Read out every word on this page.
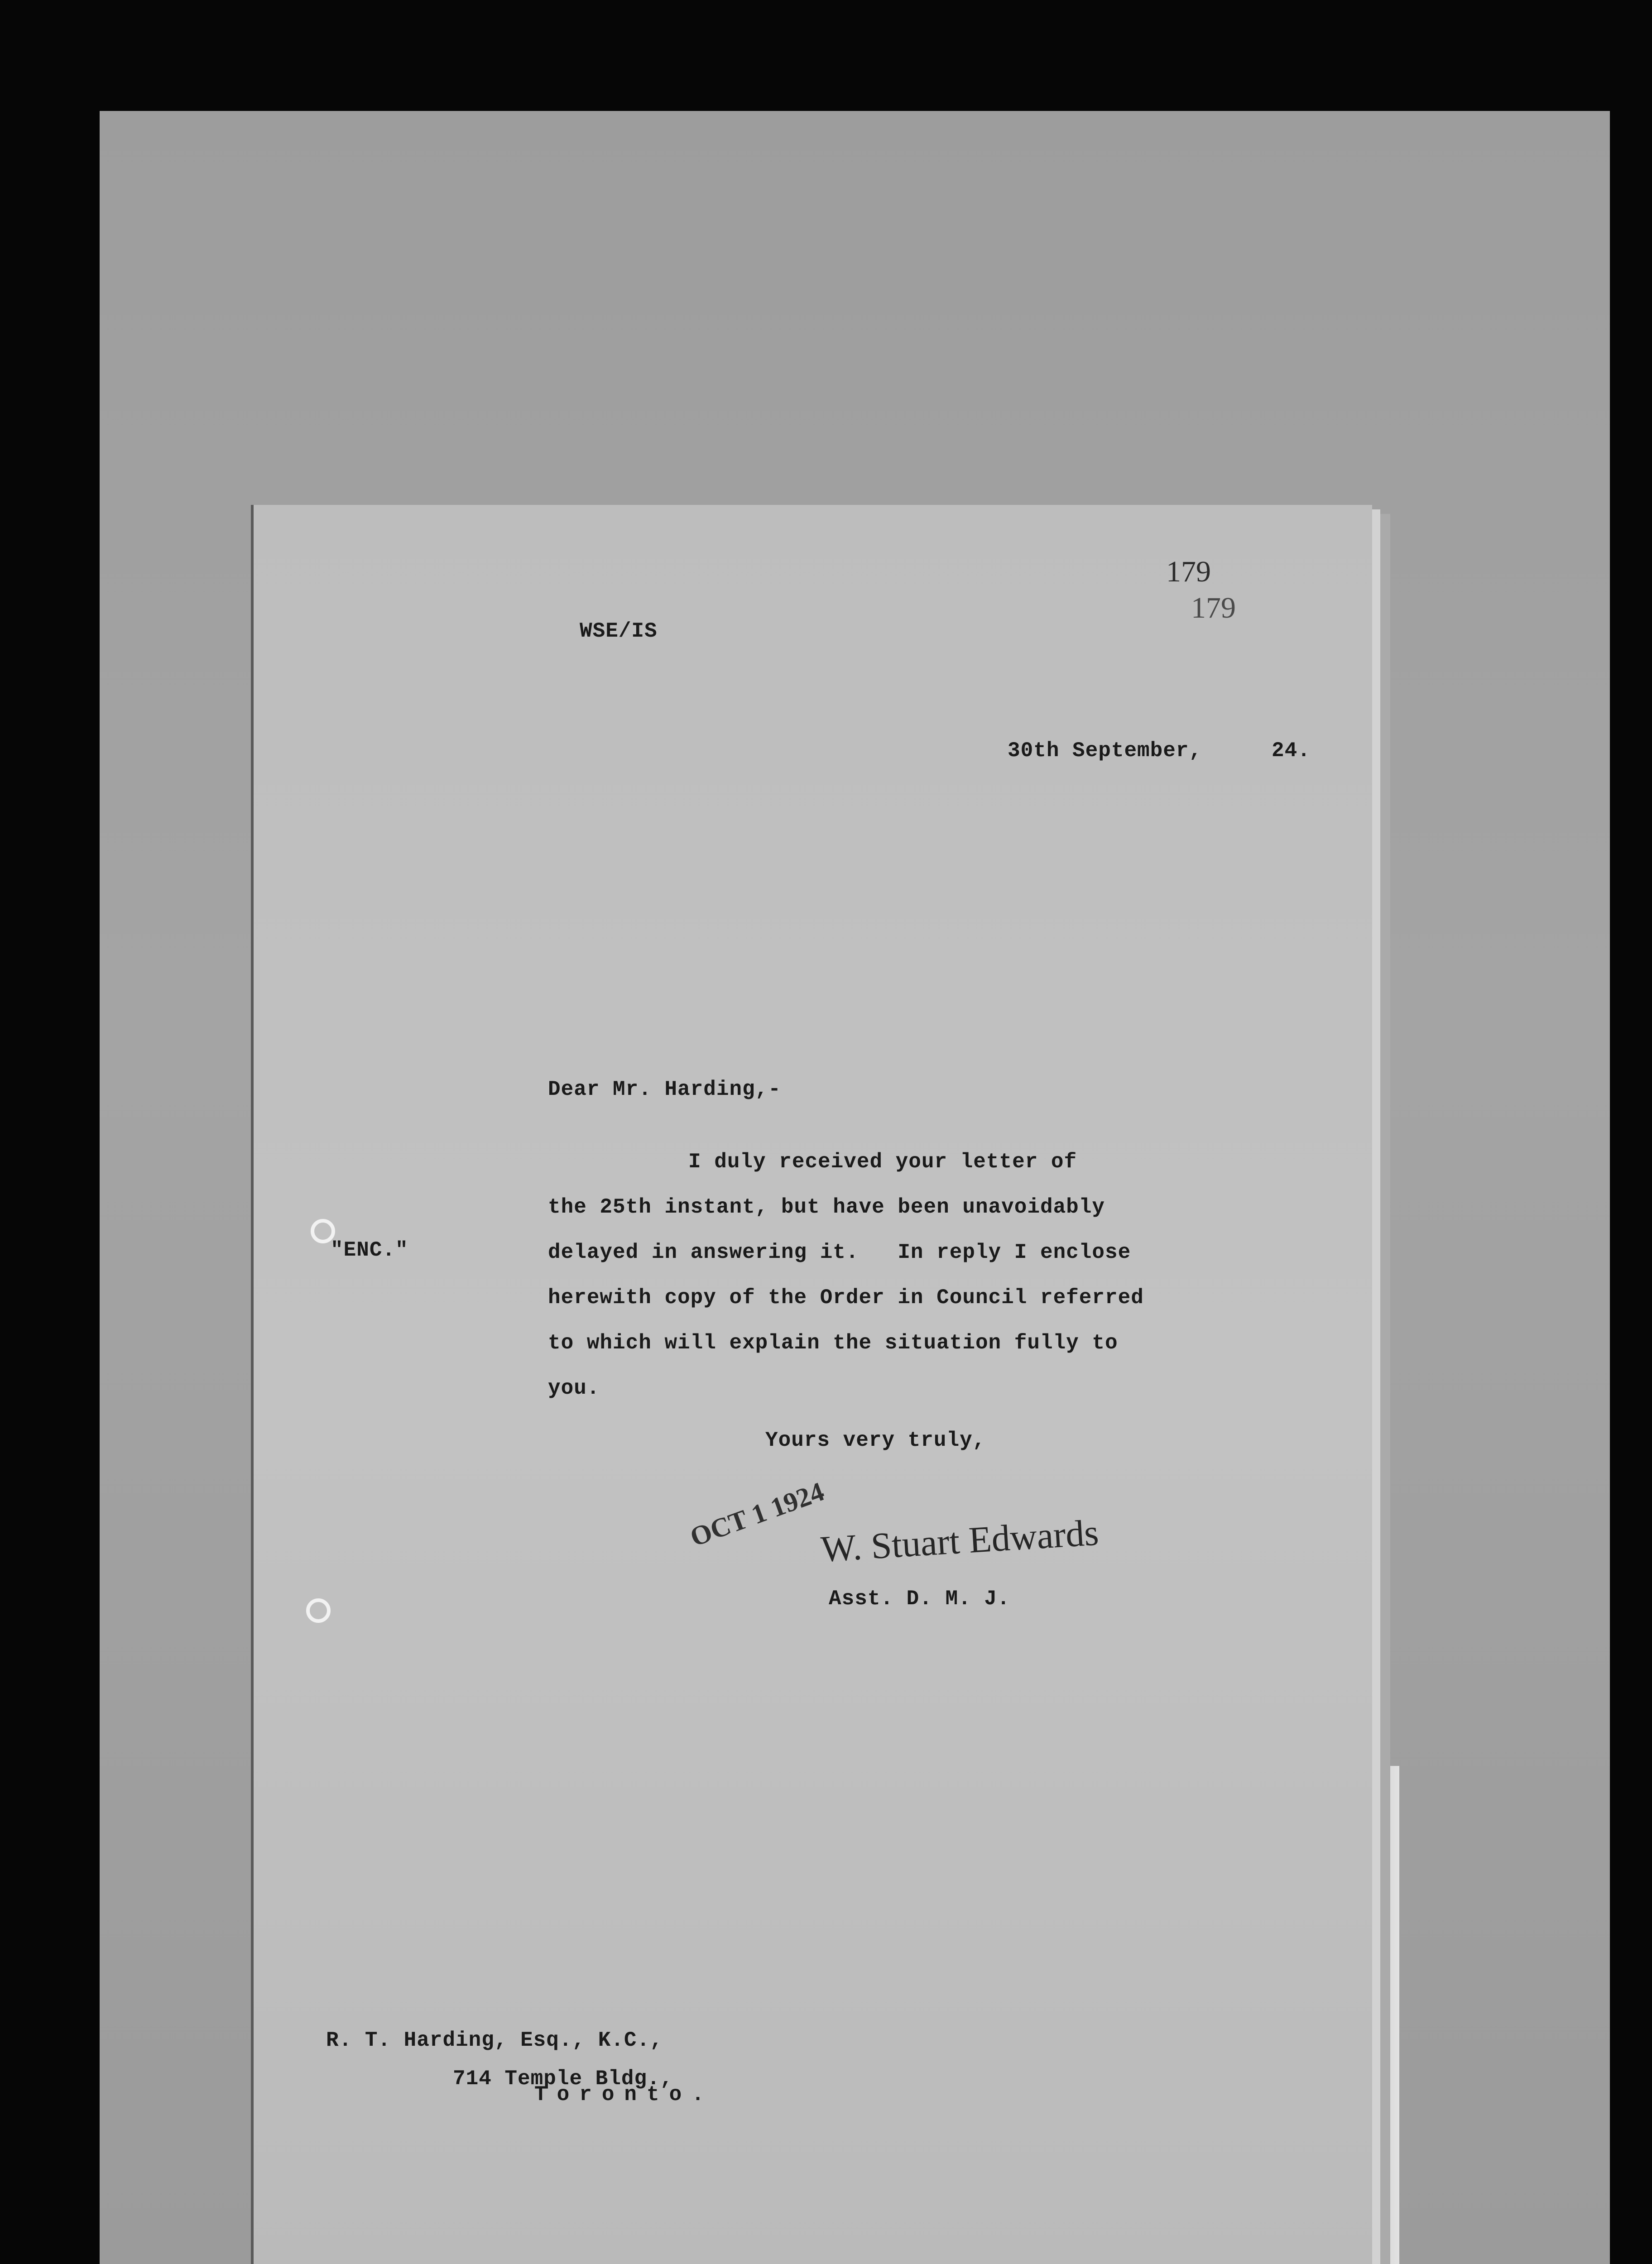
179
179
WSE/IS
30th September,	24.
Dear Mr. Harding,-
"ENC."
I duly received your letter of
the 25th instant, but have been unavoidably
delayed in answering it.   In reply I enclose
herewith copy of the Order in Council referred
to which will explain the situation fully to
you.
Yours very truly,
OCT 1 1924
W. Stuart Edwards
Asst. D. M. J.
R. T. Harding, Esq., K.C.,
714 Temple Bldg.,
Toronto.
